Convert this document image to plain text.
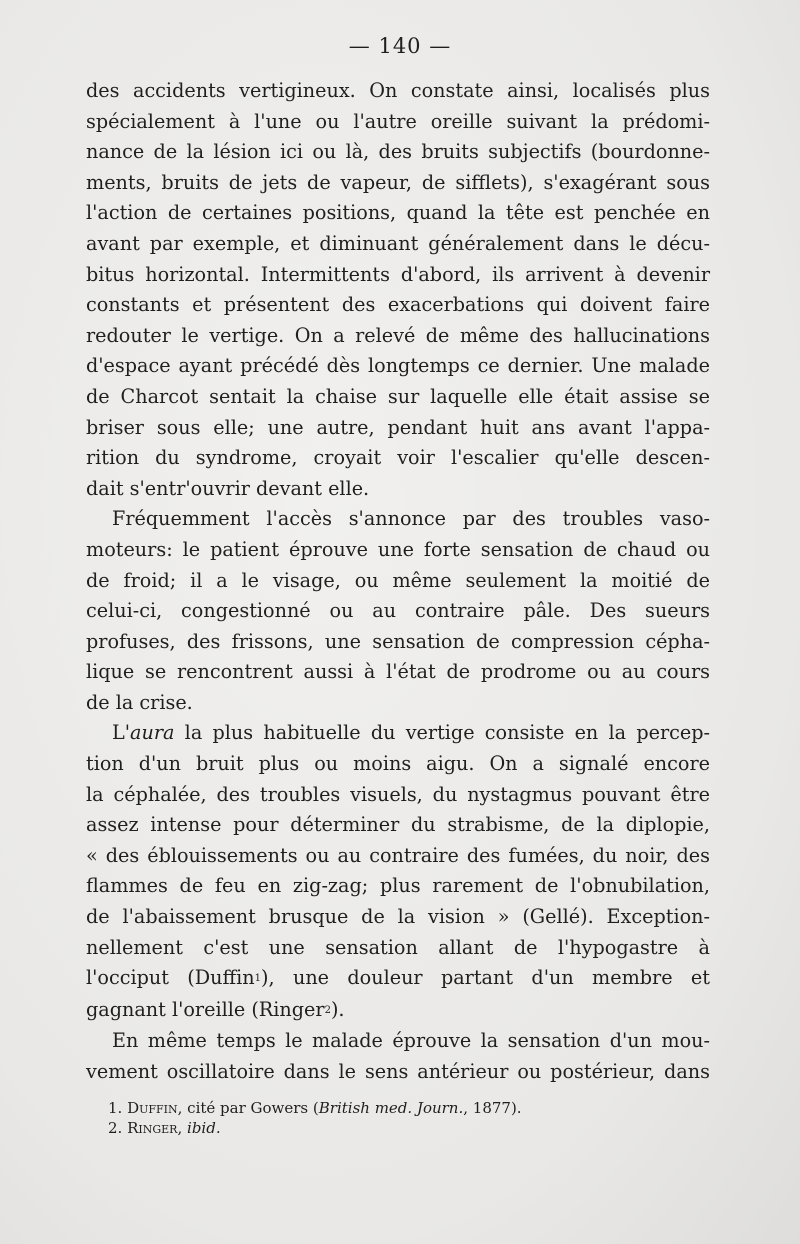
— 140 —
des accidents vertigineux. On constate ainsi, localisés plus
spécialement à l'une ou l'autre oreille suivant la prédomi-
nance de la lésion ici ou là, des bruits subjectifs (bourdonne-
ments, bruits de jets de vapeur, de sifflets), s'exagérant sous
l'action de certaines positions, quand la tête est penchée en
avant par exemple, et diminuant généralement dans le décu-
bitus horizontal. Intermittents d'abord, ils arrivent à devenir
constants et présentent des exacerbations qui doivent faire
redouter le vertige. On a relevé de même des hallucinations
d'espace ayant précédé dès longtemps ce dernier. Une malade
de Charcot sentait la chaise sur laquelle elle était assise se
briser sous elle; une autre, pendant huit ans avant l'appa-
rition du syndrome, croyait voir l'escalier qu'elle descen-
dait s'entr'ouvrir devant elle.
Fréquemment l'accès s'annonce par des troubles vaso-
moteurs: le patient éprouve une forte sensation de chaud ou
de froid; il a le visage, ou même seulement la moitié de
celui-ci, congestionné ou au contraire pâle. Des sueurs
profuses, des frissons, une sensation de compression cépha-
lique se rencontrent aussi à l'état de prodrome ou au cours
de la crise.
L'aura la plus habituelle du vertige consiste en la percep-
tion d'un bruit plus ou moins aigu. On a signalé encore
la céphalée, des troubles visuels, du nystagmus pouvant être
assez intense pour déterminer du strabisme, de la diplopie,
« des éblouissements ou au contraire des fumées, du noir, des
flammes de feu en zig-zag; plus rarement de l'obnubilation,
de l'abaissement brusque de la vision » (Gellé). Exception-
nellement c'est une sensation allant de l'hypogastre à
l'occiput (Duffin$^1$), une douleur partant d'un membre et
gagnant l'oreille (Ringer$^2$).
En même temps le malade éprouve la sensation d'un mou-
vement oscillatoire dans le sens antérieur ou postérieur, dans
1. Duffin, cité par Gowers (British med. Journ., 1877).
2. Ringer, ibid.
